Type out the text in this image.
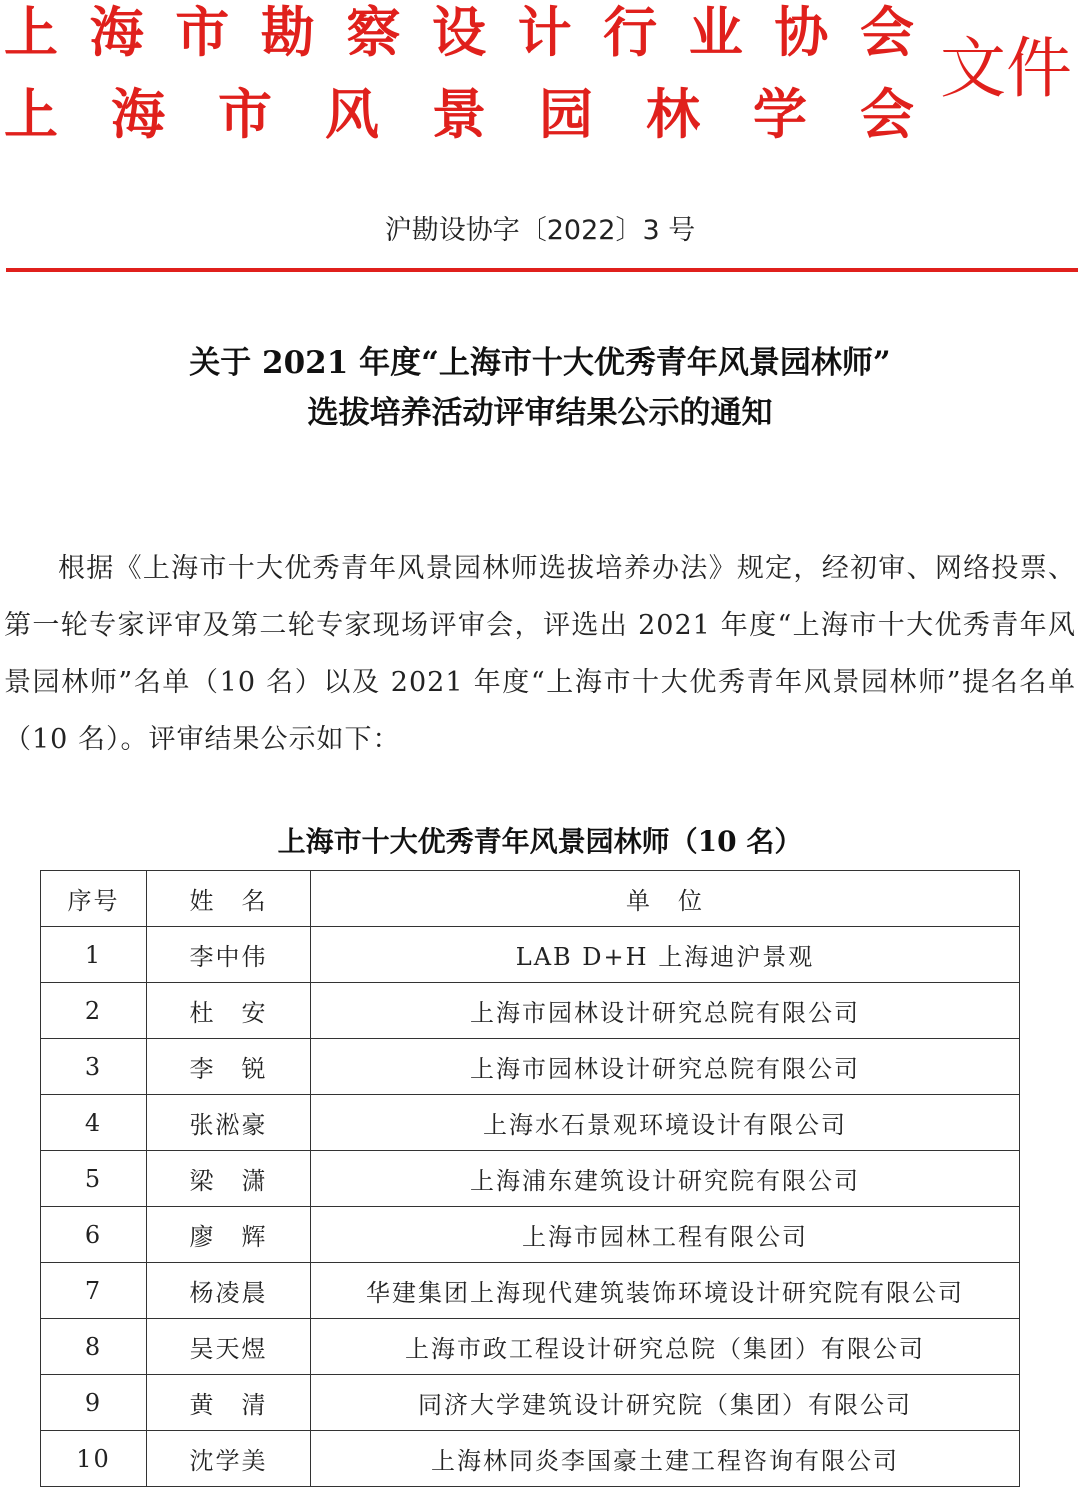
上 海 市 勘 察 设 计 行 业 协 会
上 海 市 风 景 园 林 学 会
文件
沪勘设协字〔2022〕3 号
关于 2021 年度“上海市十大优秀青年风景园林师”
选拔培养活动评审结果公示的通知
根据《上海市十大优秀青年风景园林师选拔培养办法》规定，经初审、网络投票、第一轮专家评审及第二轮专家现场评审会，评选出 2021 年度“上海市十大优秀青年风景园林师”名单（10 名）以及 2021 年度“上海市十大优秀青年风景园林师”提名名单（10 名）。评审结果公示如下：
上海市十大优秀青年风景园林师（10 名）
序号	姓　名	单　位
1	李中伟	LAB D+H 上海迪沪景观
2	杜　安	上海市园林设计研究总院有限公司
3	李　锐	上海市园林设计研究总院有限公司
4	张淞豪	上海水石景观环境设计有限公司
5	梁　潇	上海浦东建筑设计研究院有限公司
6	廖　辉	上海市园林工程有限公司
7	杨凌晨	华建集团上海现代建筑装饰环境设计研究院有限公司
8	吴天煜	上海市政工程设计研究总院（集团）有限公司
9	黄　清	同济大学建筑设计研究院（集团）有限公司
10	沈学美	上海林同炎李国豪土建工程咨询有限公司
